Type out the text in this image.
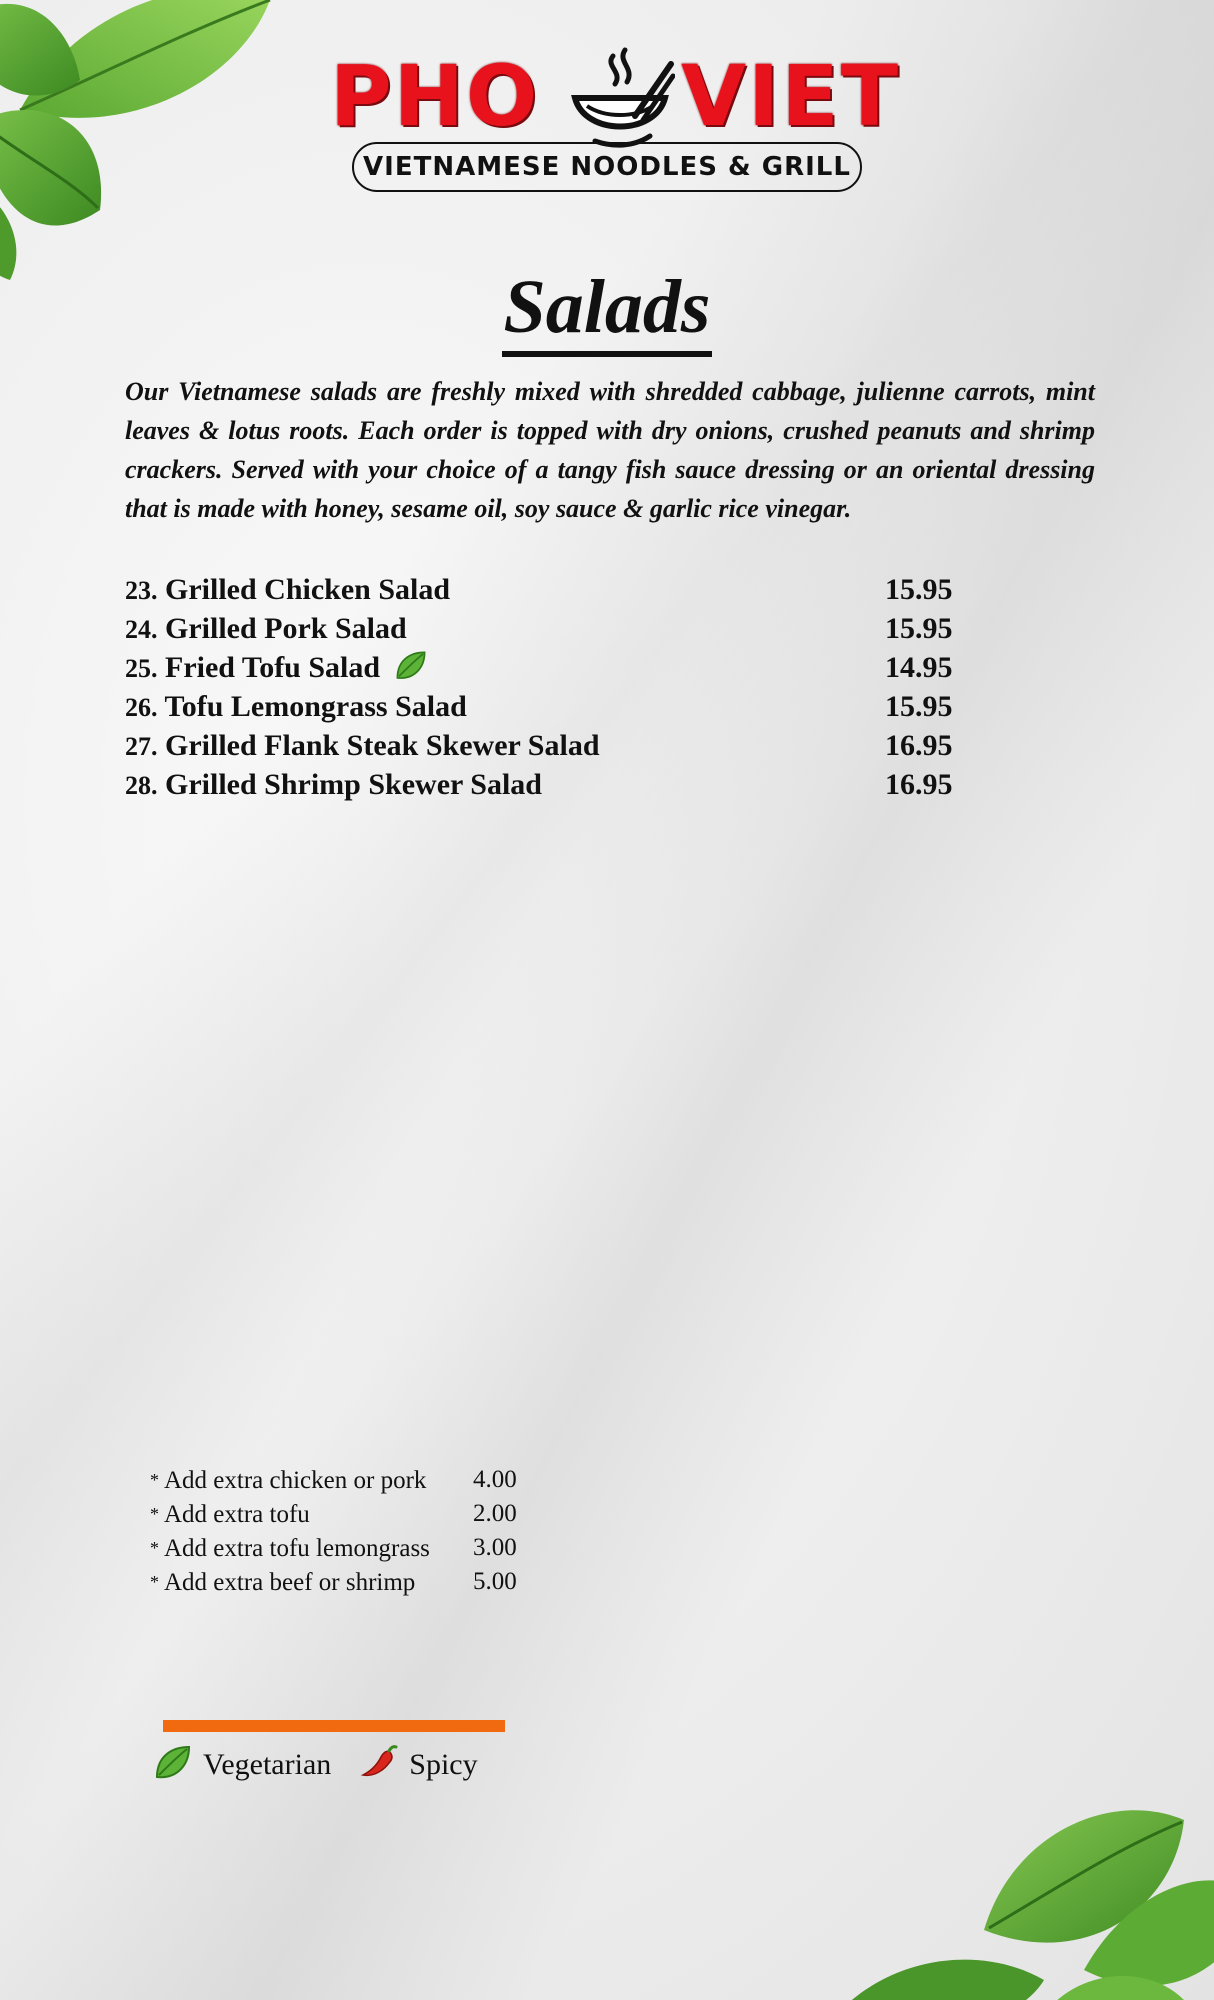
PHO VIET
VIETNAMESE NOODLES & GRILL
Salads

Our Vietnamese salads are freshly mixed with shredded cabbage, julienne carrots, mint leaves & lotus roots. Each order is topped with dry onions, crushed peanuts and shrimp crackers. Served with your choice of a tangy fish sauce dressing or an oriental dressing that is made with honey, sesame oil, soy sauce & garlic rice vinegar.

23. Grilled Chicken Salad	15.95
24. Grilled Pork Salad	15.95
25. Fried Tofu Salad	14.95
26. Tofu Lemongrass Salad	15.95
27. Grilled Flank Steak Skewer Salad	16.95
28. Grilled Shrimp Skewer Salad	16.95
* Add extra chicken or pork 4.00
* Add extra tofu	2.00
* Add extra tofu lemongrass 3.00
* Add extra beef or shrimp 5.00
Vegetarian	Spicy
